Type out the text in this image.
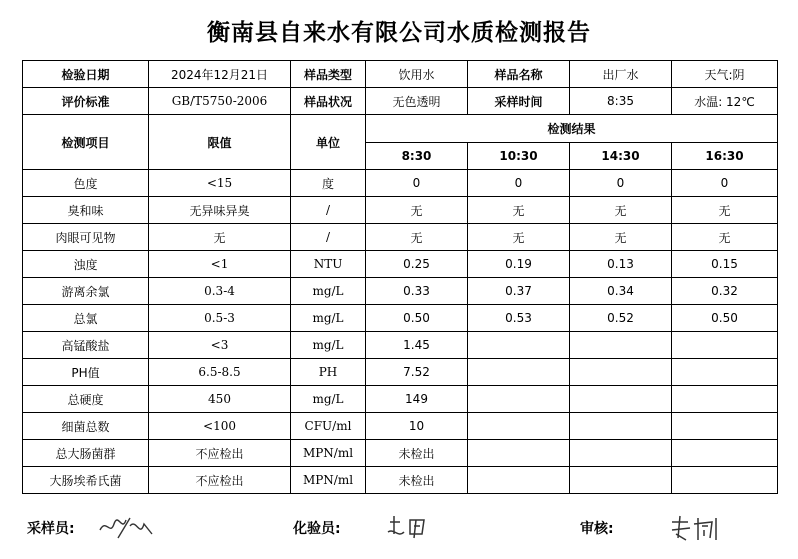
衡南县自来水有限公司水质检测报告
检验日期	2024年12月21日	样品类型	饮用水	样品名称	出厂水	天气:阴
评价标准	GB/T5750-2006	样品状况	无色透明	采样时间	8:35	水温: 12℃
检测项目	限值	单位	检测结果			
			8:30	10:30	14:30	16:30
色度	<15	度	0	0	0	0
臭和味	无异味异臭	/	无	无	无	无
肉眼可见物	无	/	无	无	无	无
浊度	<1	NTU	0.25	0.19	0.13	0.15
游离余氯	0.3-4	mg/L	0.33	0.37	0.34	0.32
总氯	0.5-3	mg/L	0.50	0.53	0.52	0.50
高锰酸盐	<3	mg/L	1.45			
PH值	6.5-8.5	PH	7.52			
总硬度	450	mg/L	149			
细菌总数	<100	CFU/ml	10			
总大肠菌群	不应检出	MPN/ml	未检出			
大肠埃希氏菌	不应检出	MPN/ml	未检出			
采样员:	化验员:	审核:
